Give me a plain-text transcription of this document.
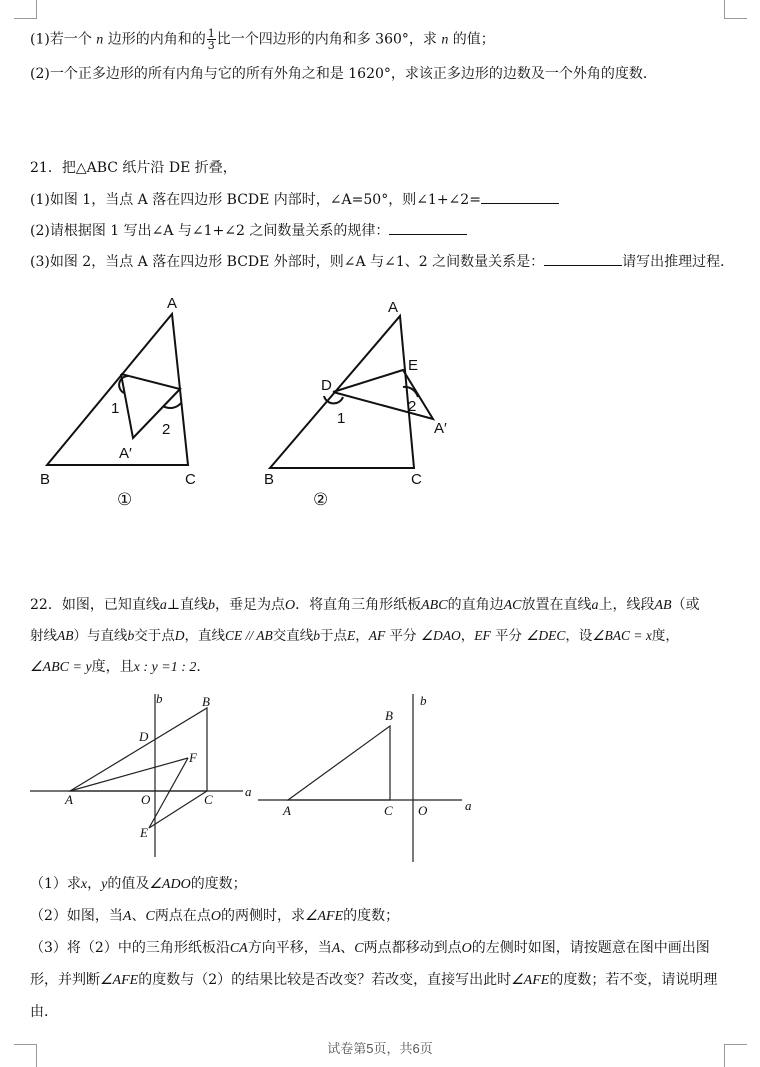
(1)若一个 n 边形的内角和的 $\frac{1}{3}$ 比一个四边形的内角和多 360°，求 n 的值；
(2)一个正多边形的所有内角与它的所有外角之和是 1620°，求该正多边形的边数及一个外角的度数．
21．把△ABC 纸片沿 DE 折叠，
(1)如图 1，当点 A 落在四边形 BCDE 内部时，∠A=50°，则∠1+∠2=
(2)请根据图 1 写出∠A 与∠1+∠2 之间数量关系的规律：
(3)如图 2，当点 A 落在四边形 BCDE 外部时，则∠A 与∠1、2 之间数量关系是：	请写出推理过程．
A
B	C
A′
1
2
①
A
B	C
D
E
A′
1
2
②
22．如图，已知直线a⊥直线b，垂足为点O．将直角三角形纸板ABC的直角边AC放置在直线a上，线段AB（或
射线AB）与直线b交于点D，直线CE // AB交直线b于点E，AF 平分 ∠DAO，EF 平分 ∠DEC，设∠BAC = x度，
∠ABC = y度，且x : y =1 : 2．
b
a
B
D
F
A	O	C
E
b
a
B
A	C O
（1）求x，y的值及∠ADO的度数；
（2）如图，当A、C两点在点O的两侧时，求∠AFE的度数；
（3）将（2）中的三角形纸板沿CA方向平移，当A、C两点都移动到点O的左侧时如图，请按题意在图中画出图
形，并判断∠AFE的度数与（2）的结果比较是否改变？若改变，直接写出此时∠AFE的度数；若不变，请说明理
由．
试卷第5页，共6页
